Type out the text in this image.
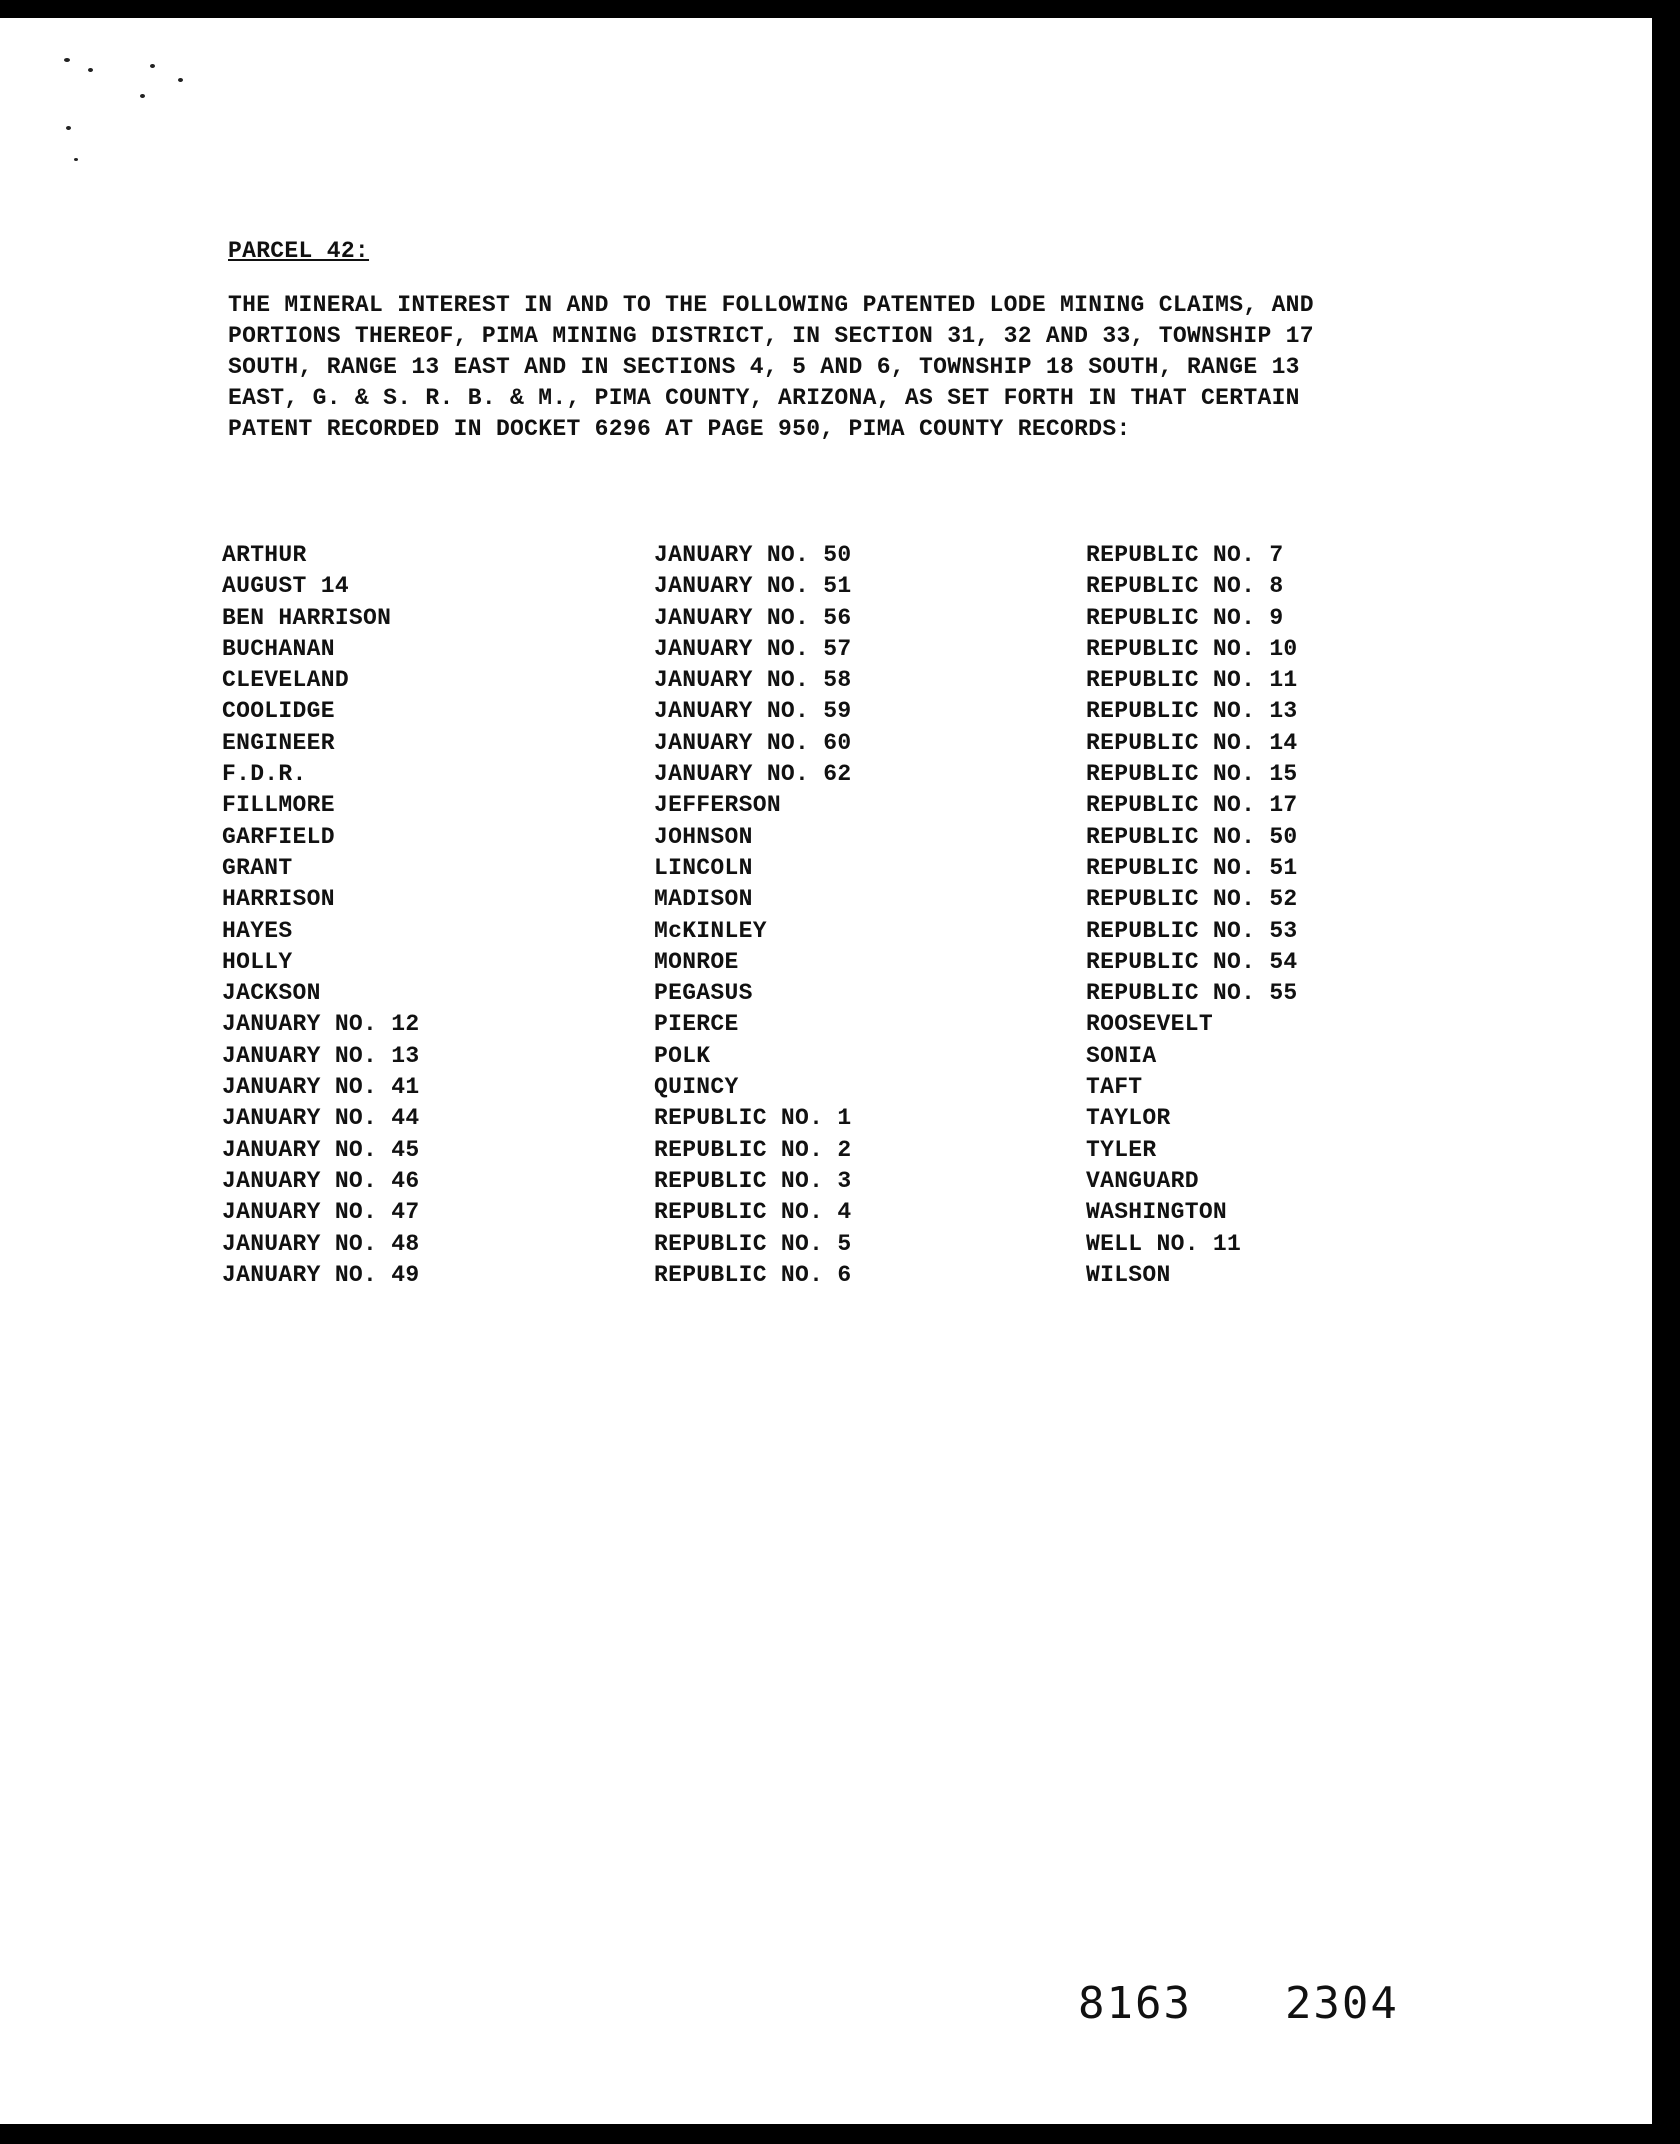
PARCEL 42:

THE MINERAL INTEREST IN AND TO THE FOLLOWING PATENTED LODE MINING CLAIMS, AND PORTIONS THEREOF, PIMA MINING DISTRICT, IN SECTION 31, 32 AND 33, TOWNSHIP 17 SOUTH, RANGE 13 EAST AND IN SECTIONS 4, 5 AND 6, TOWNSHIP 18 SOUTH, RANGE 13 EAST, G. & S. R. B. & M., PIMA COUNTY, ARIZONA, AS SET FORTH IN THAT CERTAIN PATENT RECORDED IN DOCKET 6296 AT PAGE 950, PIMA COUNTY RECORDS:

ARTHUR
AUGUST 14
BEN HARRISON
BUCHANAN
CLEVELAND
COOLIDGE
ENGINEER
F.D.R.
FILLMORE
GARFIELD
GRANT
HARRISON
HAYES
HOLLY
JACKSON
JANUARY NO. 12
JANUARY NO. 13
JANUARY NO. 41
JANUARY NO. 44
JANUARY NO. 45
JANUARY NO. 46
JANUARY NO. 47
JANUARY NO. 48
JANUARY NO. 49
JANUARY NO. 50
JANUARY NO. 51
JANUARY NO. 56
JANUARY NO. 57
JANUARY NO. 58
JANUARY NO. 59
JANUARY NO. 60
JANUARY NO. 62
JEFFERSON
JOHNSON
LINCOLN
MADISON
McKINLEY
MONROE
PEGASUS
PIERCE
POLK
QUINCY
REPUBLIC NO. 1
REPUBLIC NO. 2
REPUBLIC NO. 3
REPUBLIC NO. 4
REPUBLIC NO. 5
REPUBLIC NO. 6
REPUBLIC NO. 7
REPUBLIC NO. 8
REPUBLIC NO. 9
REPUBLIC NO. 10
REPUBLIC NO. 11
REPUBLIC NO. 13
REPUBLIC NO. 14
REPUBLIC NO. 15
REPUBLIC NO. 17
REPUBLIC NO. 50
REPUBLIC NO. 51
REPUBLIC NO. 52
REPUBLIC NO. 53
REPUBLIC NO. 54
REPUBLIC NO. 55
ROOSEVELT
SONIA
TAFT
TAYLOR
TYLER
VANGUARD
WASHINGTON
WELL NO. 11
WILSON
8163  2304
